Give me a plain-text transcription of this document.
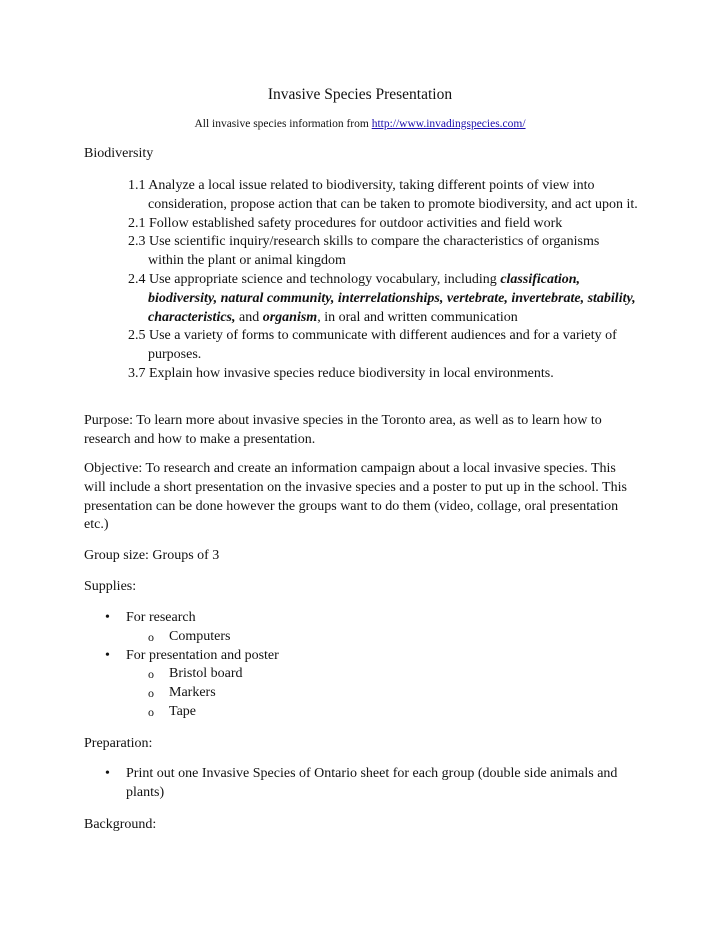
Invasive Species Presentation
All invasive species information from http://www.invadingspecies.com/
Biodiversity
1.1 Analyze a local issue related to biodiversity, taking different points of view into consideration, propose action that can be taken to promote biodiversity, and act upon it.
2.1 Follow established safety procedures for outdoor activities and field work
2.3 Use scientific inquiry/research skills to compare the characteristics of organisms within the plant or animal kingdom
2.4 Use appropriate science and technology vocabulary, including classification, biodiversity, natural community, interrelationships, vertebrate, invertebrate, stability, characteristics, and organism, in oral and written communication
2.5 Use a variety of forms to communicate with different audiences and for a variety of purposes.
3.7 Explain how invasive species reduce biodiversity in local environments.
Purpose: To learn more about invasive species in the Toronto area, as well as to learn how to research and how to make a presentation.
Objective: To research and create an information campaign about a local invasive species. This will include a short presentation on the invasive species and a poster to put up in the school. This presentation can be done however the groups want to do them (video, collage, oral presentation etc.)
Group size: Groups of 3
Supplies:
• For research
o Computers
• For presentation and poster
o Bristol board
o Markers
o Tape
Preparation:
• Print out one Invasive Species of Ontario sheet for each group (double side animals and plants)
Background:
